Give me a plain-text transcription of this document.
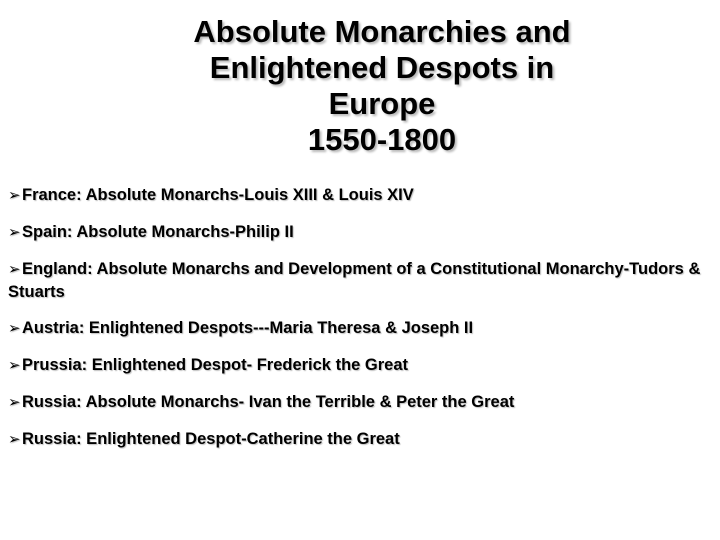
Absolute Monarchies and
Enlightened Despots in
Europe
1550-1800
➢France: Absolute Monarchs-Louis XIII & Louis XIV
➢Spain: Absolute Monarchs-Philip II
➢England: Absolute Monarchs and Development of a Constitutional Monarchy-Tudors & Stuarts
➢Austria: Enlightened Despots---Maria Theresa & Joseph II
➢Prussia: Enlightened Despot- Frederick the Great
➢Russia: Absolute Monarchs- Ivan the Terrible & Peter the Great
➢Russia: Enlightened Despot-Catherine the Great
